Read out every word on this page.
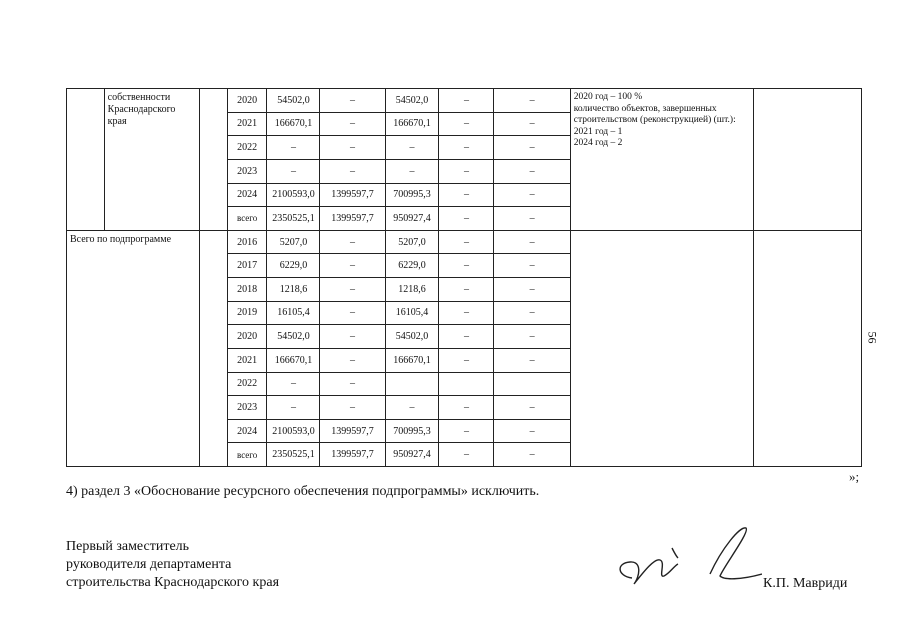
	собственности Краснодарского края		2020	54502,0	–	54502,0	–	–	2020 год – 100 %
количество объектов, завершенных строительством (реконструкцией) (шт.):
2021 год – 1
2024 год – 2	

			2021	166670,1	–	166670,1	–	–		
			2022	–	–	–	–	–		
			2023	–	–	–	–	–		
			2024	2100593,0	1399597,7	700995,3	–	–		
			всего	2350525,1	1399597,7	950927,4	–	–		
Всего по подпрограмме			2016	5207,0	–	5207,0	–	–		
			2017	6229,0	–	6229,0	–	–		
			2018	1218,6	–	1218,6	–	–		
			2019	16105,4	–	16105,4	–	–		
			2020	54502,0	–	54502,0	–	–		
			2021	166670,1	–	166670,1	–	–		
			2022	–	–					
			2023	–	–	–	–	–		
			2024	2100593,0	1399597,7	700995,3	–	–		
			всего	2350525,1	1399597,7	950927,4	–	–		
56
»;
4) раздел 3 «Обоснование ресурсного обеспечения подпрограммы» исключить.
Первый заместитель
руководителя департамента
строительства Краснодарского края	К.П. Мавриди
